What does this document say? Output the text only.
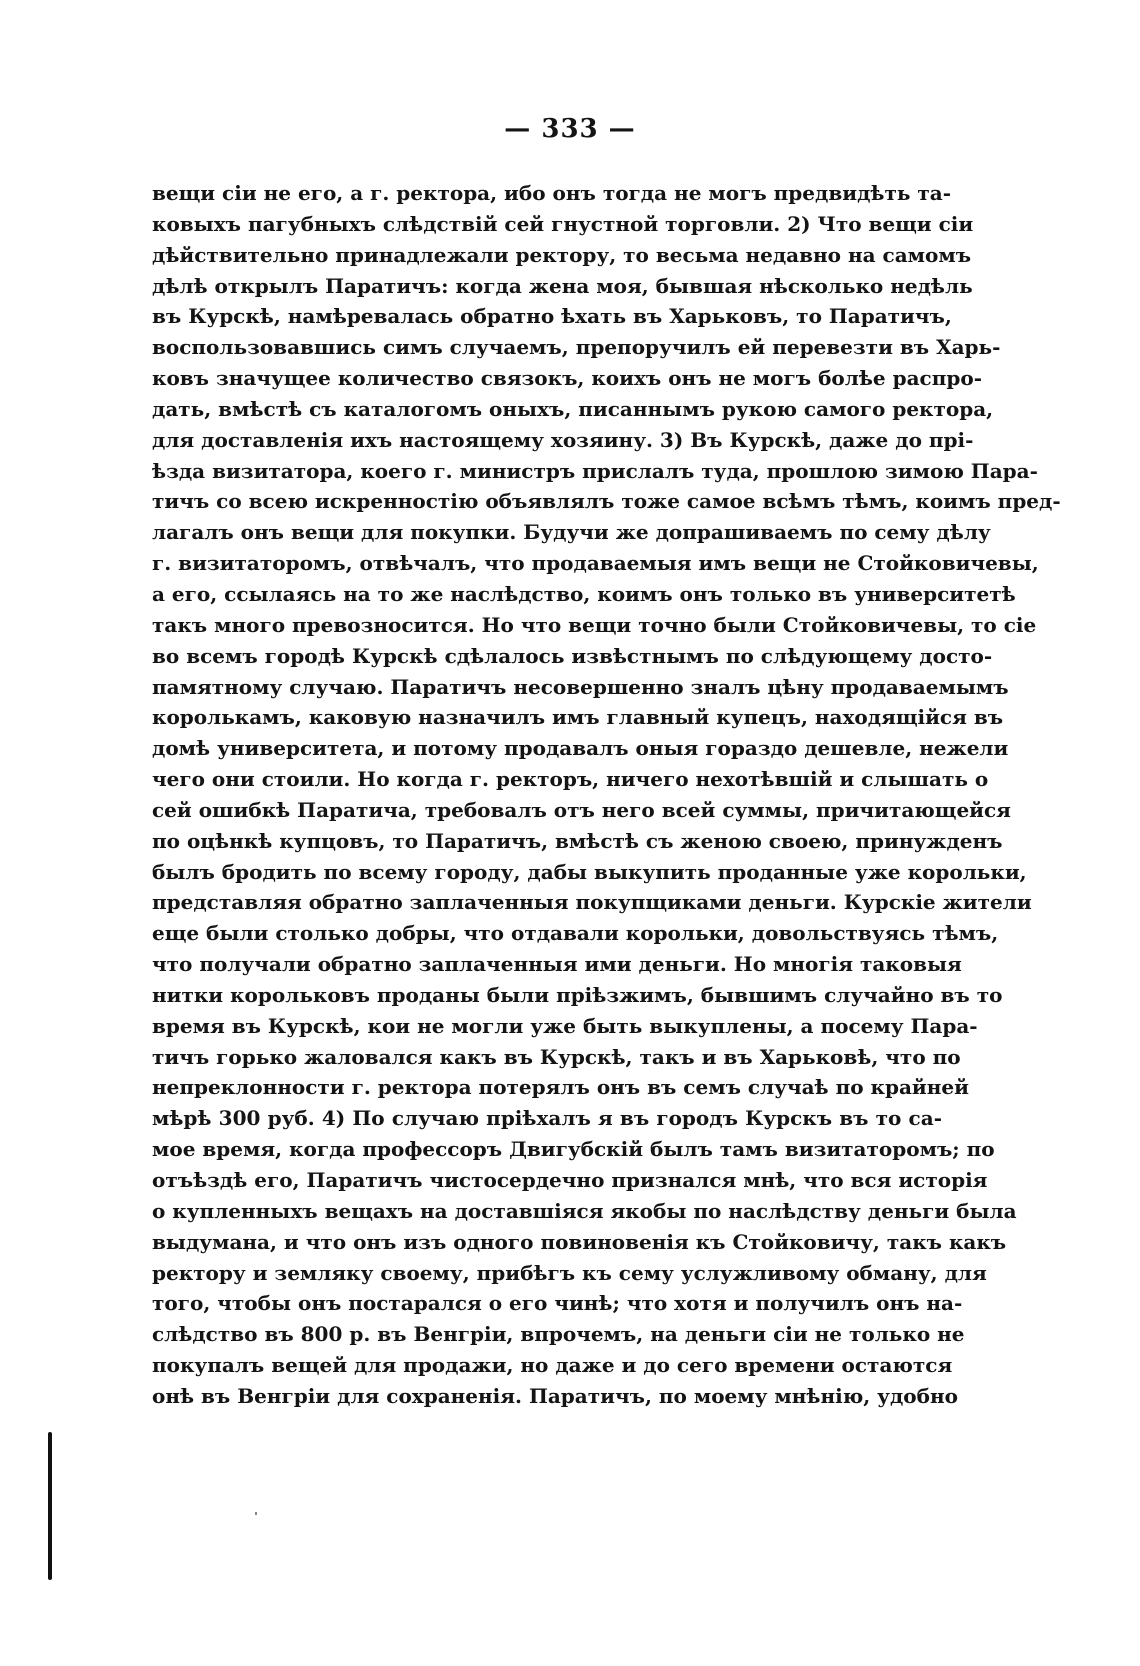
— 333 —
вещи сіи не его, а г. ректора, ибо онъ тогда не могъ предвидѣть та-
ковыхъ пагубныхъ слѣдствій сей гнустной торговли. 2) Что вещи сіи
дѣйствительно принадлежали ректору, то весьма недавно на самомъ
дѣлѣ открылъ Паратичъ: когда жена моя, бывшая нѣсколько недѣль
въ Курскѣ, намѣревалась обратно ѣхать въ Харьковъ, то Паратичъ,
воспользовавшись симъ случаемъ, препоручилъ ей перевезти въ Харь-
ковъ значущее количество связокъ, коихъ онъ не могъ болѣе распро-
дать, вмѣстѣ съ каталогомъ оныхъ, писаннымъ рукою самого ректора,
для доставленія ихъ настоящему хозяину. 3) Въ Курскѣ, даже до прі-
ѣзда визитатора, коего г. министръ прислалъ туда, прошлою зимою Пара-
тичъ со всею искренностію объявлялъ тоже самое всѣмъ тѣмъ, коимъ пред-
лагалъ онъ вещи для покупки. Будучи же допрашиваемъ по сему дѣлу
г. визитаторомъ, отвѣчалъ, что продаваемыя имъ вещи не Стойковичевы,
а его, ссылаясь на то же наслѣдство, коимъ онъ только въ университетѣ
такъ много превозносится. Но что вещи точно были Стойковичевы, то сіе
во всемъ городѣ Курскѣ сдѣлалось извѣстнымъ по слѣдующему досто-
памятному случаю. Паратичъ несовершенно зналъ цѣну продаваемымъ
королькамъ, каковую назначилъ имъ главный купецъ, находящійся въ
домѣ университета, и потому продавалъ оныя гораздо дешевле, нежели
чего они стоили. Но когда г. ректоръ, ничего нехотѣвшій и слышать о
сей ошибкѣ Паратича, требовалъ отъ него всей суммы, причитающейся
по оцѣнкѣ купцовъ, то Паратичъ, вмѣстѣ съ женою своею, принужденъ
былъ бродить по всему городу, дабы выкупить проданные уже корольки,
представляя обратно заплаченныя покупщиками деньги. Курскіе жители
еще были столько добры, что отдавали корольки, довольствуясь тѣмъ,
что получали обратно заплаченныя ими деньги. Но многія таковыя
нитки корольковъ проданы были пріѣзжимъ, бывшимъ случайно въ то
время въ Курскѣ, кои не могли уже быть выкуплены, а посему Пара-
тичъ горько жаловался какъ въ Курскѣ, такъ и въ Харьковѣ, что по
непреклонности г. ректора потерялъ онъ въ семъ случаѣ по крайней
мѣрѣ 300 руб. 4) По случаю пріѣхалъ я въ городъ Курскъ въ то са-
мое время, когда профессоръ Двигубскій былъ тамъ визитаторомъ; по
отъѣздѣ его, Паратичъ чистосердечно признался мнѣ, что вся исторія
о купленныхъ вещахъ на доставшіяся якобы по наслѣдству деньги была
выдумана, и что онъ изъ одного повиновенія къ Стойковичу, такъ какъ
ректору и земляку своему, прибѣгъ къ сему услужливому обману, для
того, чтобы онъ постарался о его чинѣ; что хотя и получилъ онъ на-
слѣдство въ 800 р. въ Венгріи, впрочемъ, на деньги сіи не только не
покупалъ вещей для продажи, но даже и до сего времени остаются
онѣ въ Венгріи для сохраненія. Паратичъ, по моему мнѣнію, удобно
